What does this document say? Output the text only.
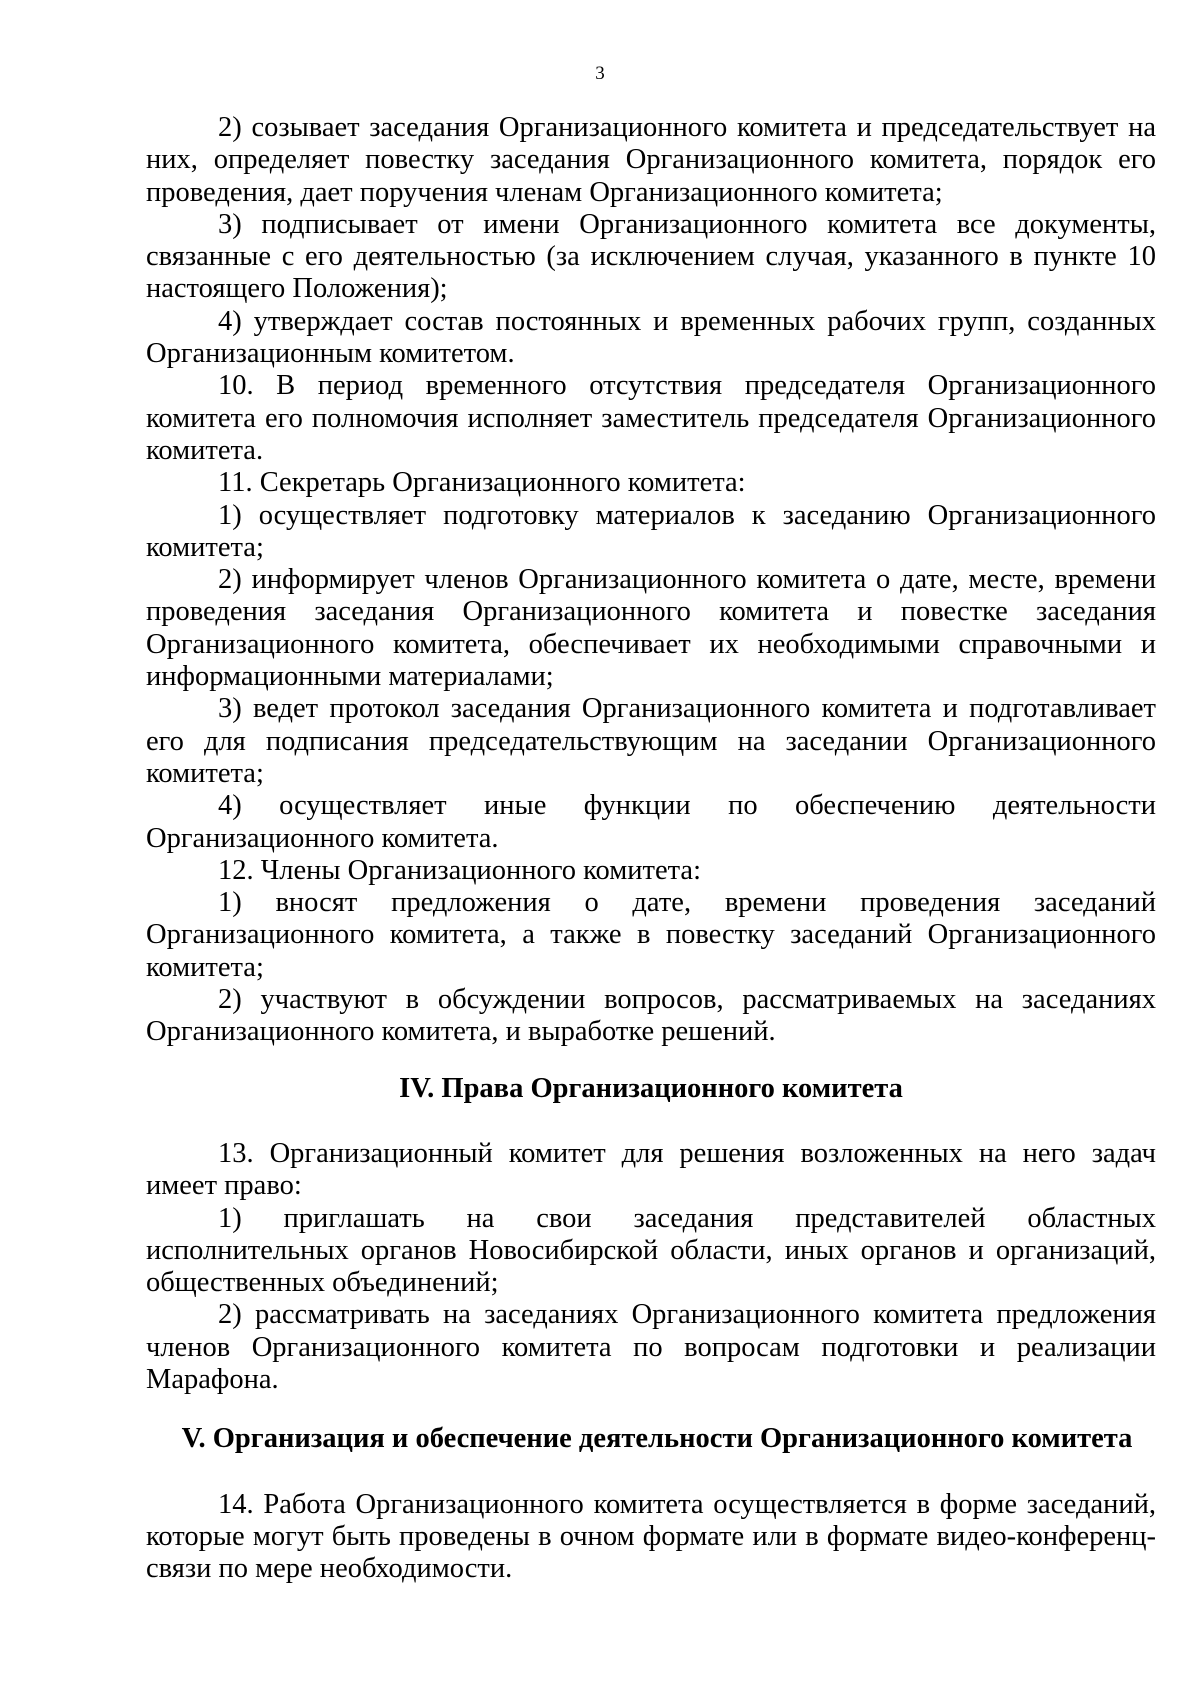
3

2) созывает заседания Организационного комитета и председательствует на них, определяет повестку заседания Организационного комитета, порядок его проведения, дает поручения членам Организационного комитета;

3) подписывает от имени Организационного комитета все документы, связанные с его деятельностью (за исключением случая, указанного в пункте 10 настоящего Положения);

4) утверждает состав постоянных и временных рабочих групп, созданных Организационным комитетом.

10. В период временного отсутствия председателя Организационного комитета его полномочия исполняет заместитель председателя Организационного комитета.

11. Секретарь Организационного комитета:

1) осуществляет подготовку материалов к заседанию Организационного комитета;

2) информирует членов Организационного комитета о дате, месте, времени проведения заседания Организационного комитета и повестке заседания Организационного комитета, обеспечивает их необходимыми справочными и информационными материалами;

3) ведет протокол заседания Организационного комитета и подготавливает его для подписания председательствующим на заседании Организационного комитета;

4) осуществляет иные функции по обеспечению деятельности Организационного комитета.

12. Члены Организационного комитета:

1) вносят предложения о дате, времени проведения заседаний Организационного комитета, а также в повестку заседаний Организационного комитета;

2) участвуют в обсуждении вопросов, рассматриваемых на заседаниях Организационного комитета, и выработке решений.

IV. Права Организационного комитета

13. Организационный комитет для решения возложенных на него задач имеет право:

1) приглашать на свои заседания представителей областных исполнительных органов Новосибирской области, иных органов и организаций, общественных объединений;

2) рассматривать на заседаниях Организационного комитета предложения членов Организационного комитета по вопросам подготовки и реализации Марафона.

V. Организация и обеспечение деятельности Организационного комитета

14. Работа Организационного комитета осуществляется в форме заседаний, которые могут быть проведены в очном формате или в формате видео-конференц-связи по мере необходимости.
